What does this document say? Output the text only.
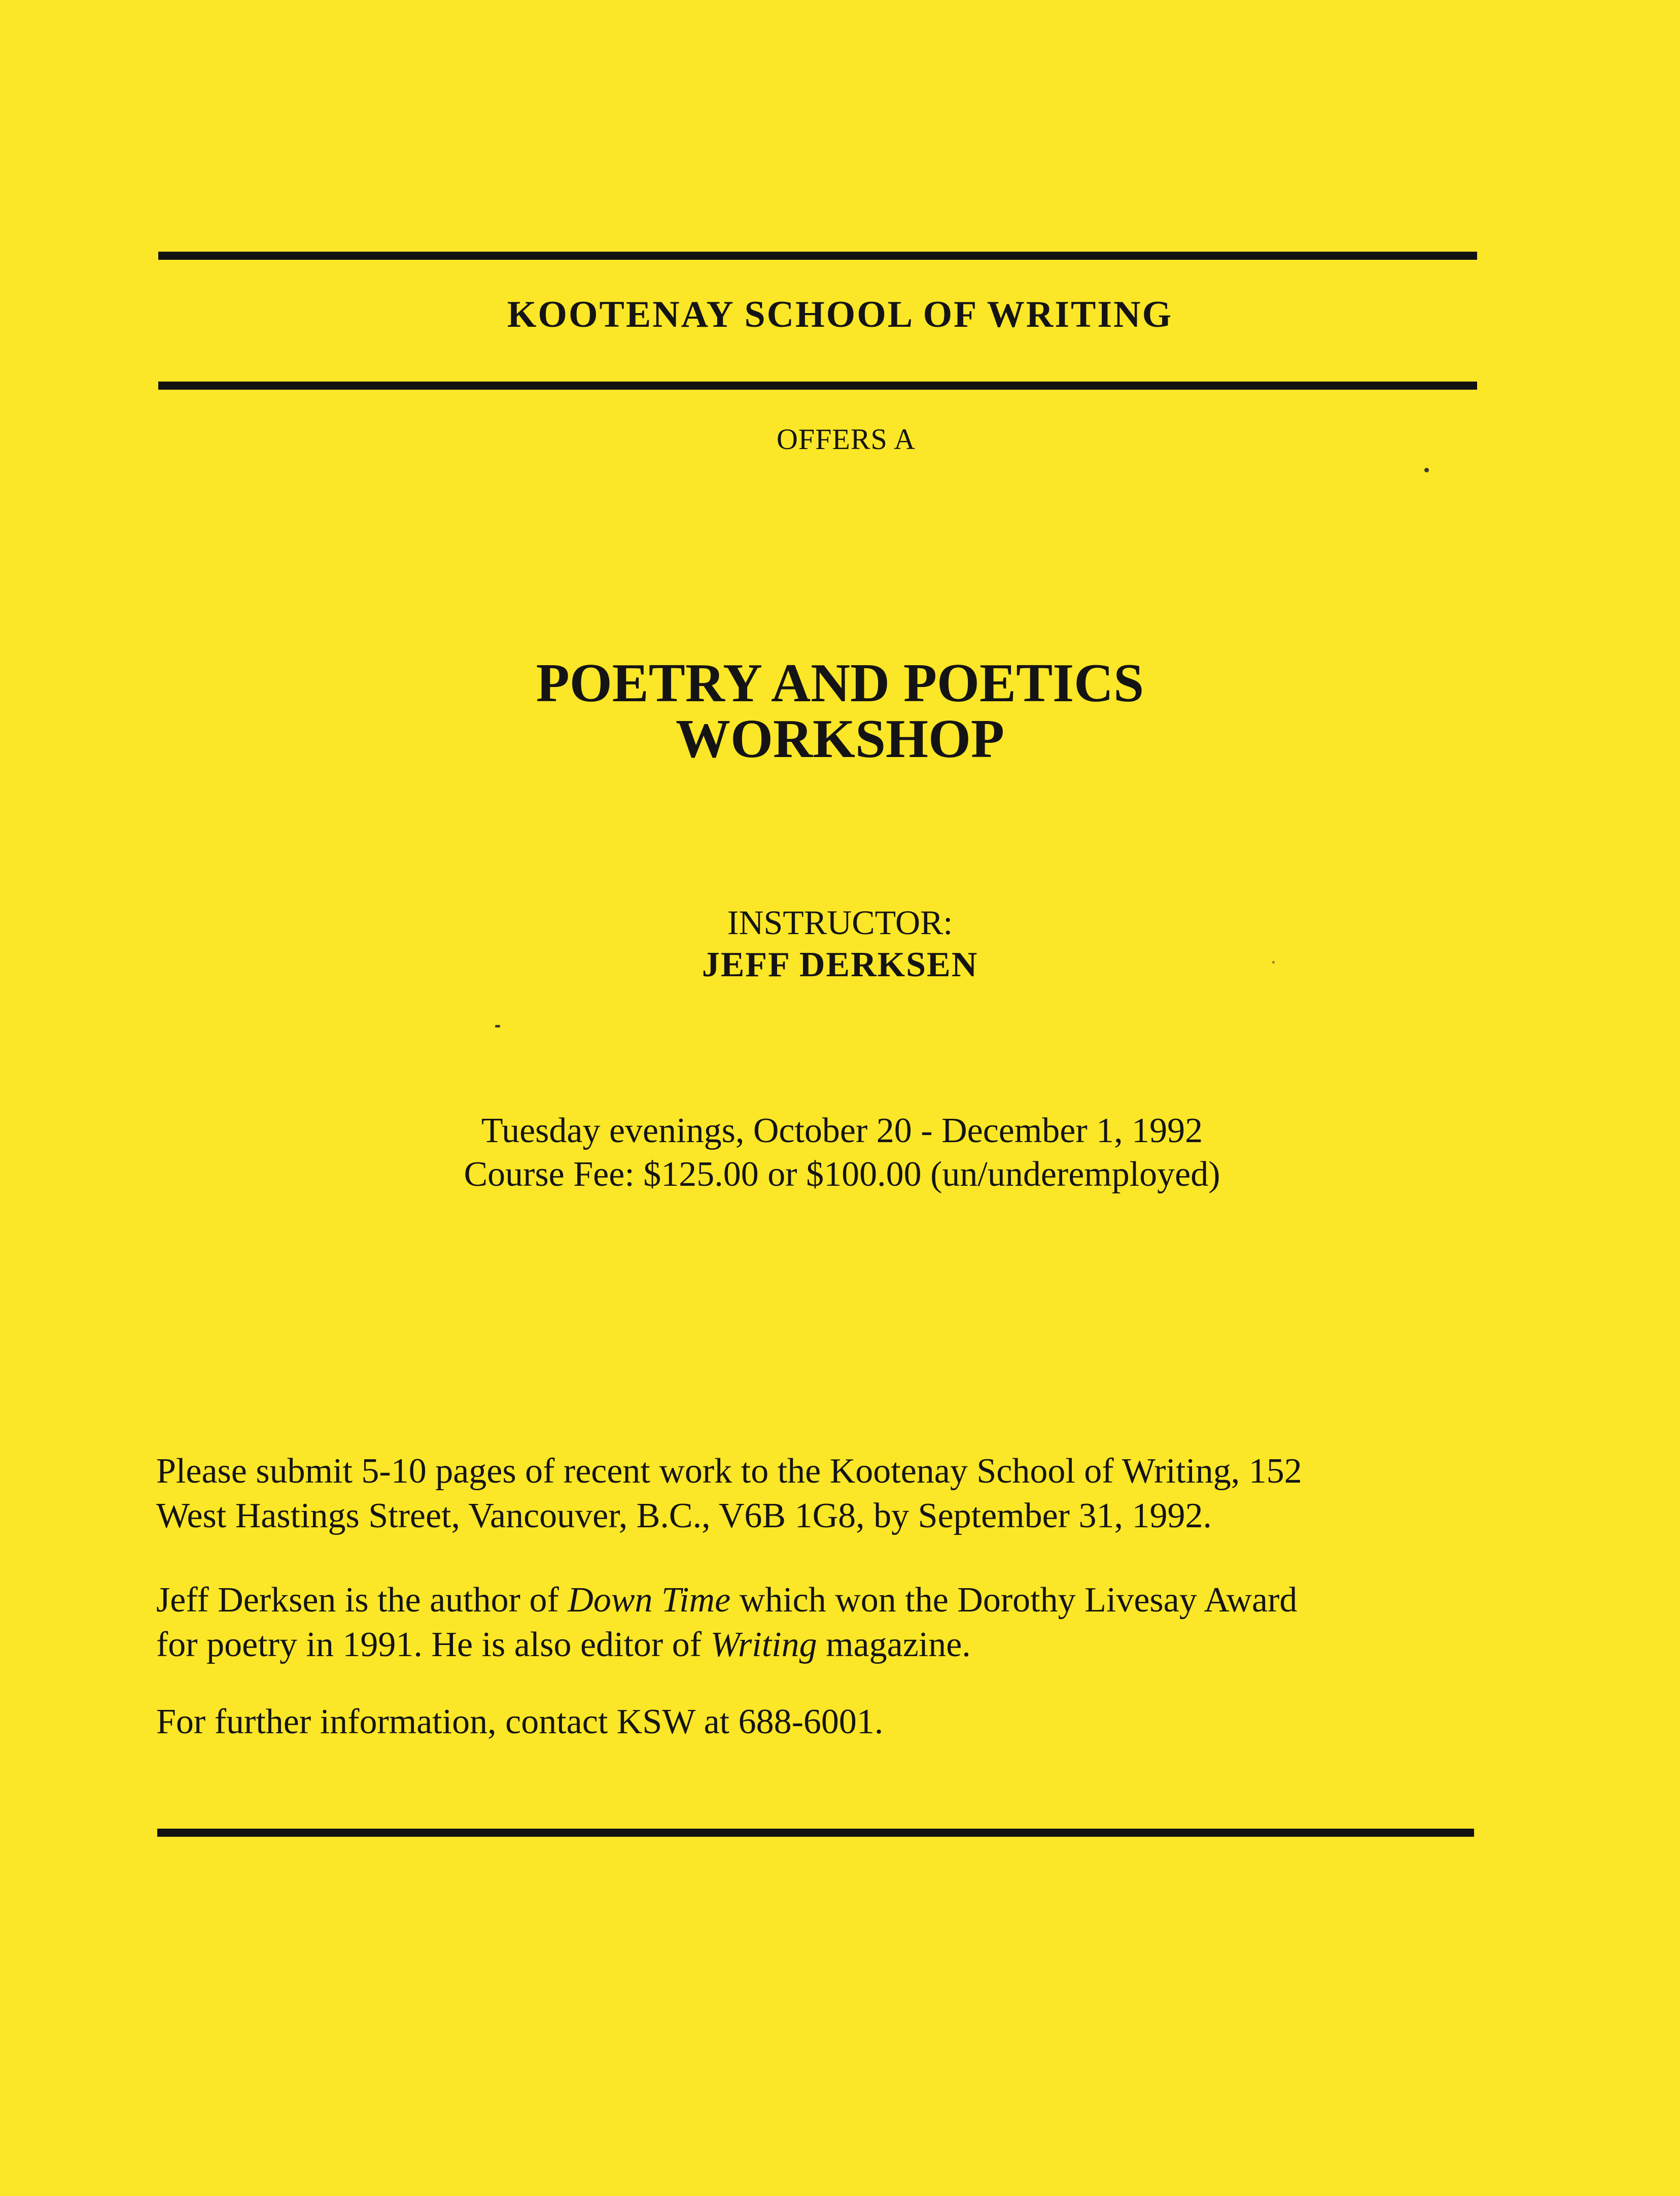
KOOTENAY SCHOOL OF WRITING
OFFERS A
POETRY AND POETICS
WORKSHOP
INSTRUCTOR:
JEFF DERKSEN
Tuesday evenings, October 20 - December 1, 1992
Course Fee: $125.00 or $100.00 (un/underemployed)
Please submit 5-10 pages of recent work to the Kootenay School of Writing, 152
West Hastings Street, Vancouver, B.C., V6B 1G8, by September 31, 1992.
Jeff Derksen is the author of Down Time which won the Dorothy Livesay Award
for poetry in 1991. He is also editor of Writing magazine.
For further information, contact KSW at 688-6001.
